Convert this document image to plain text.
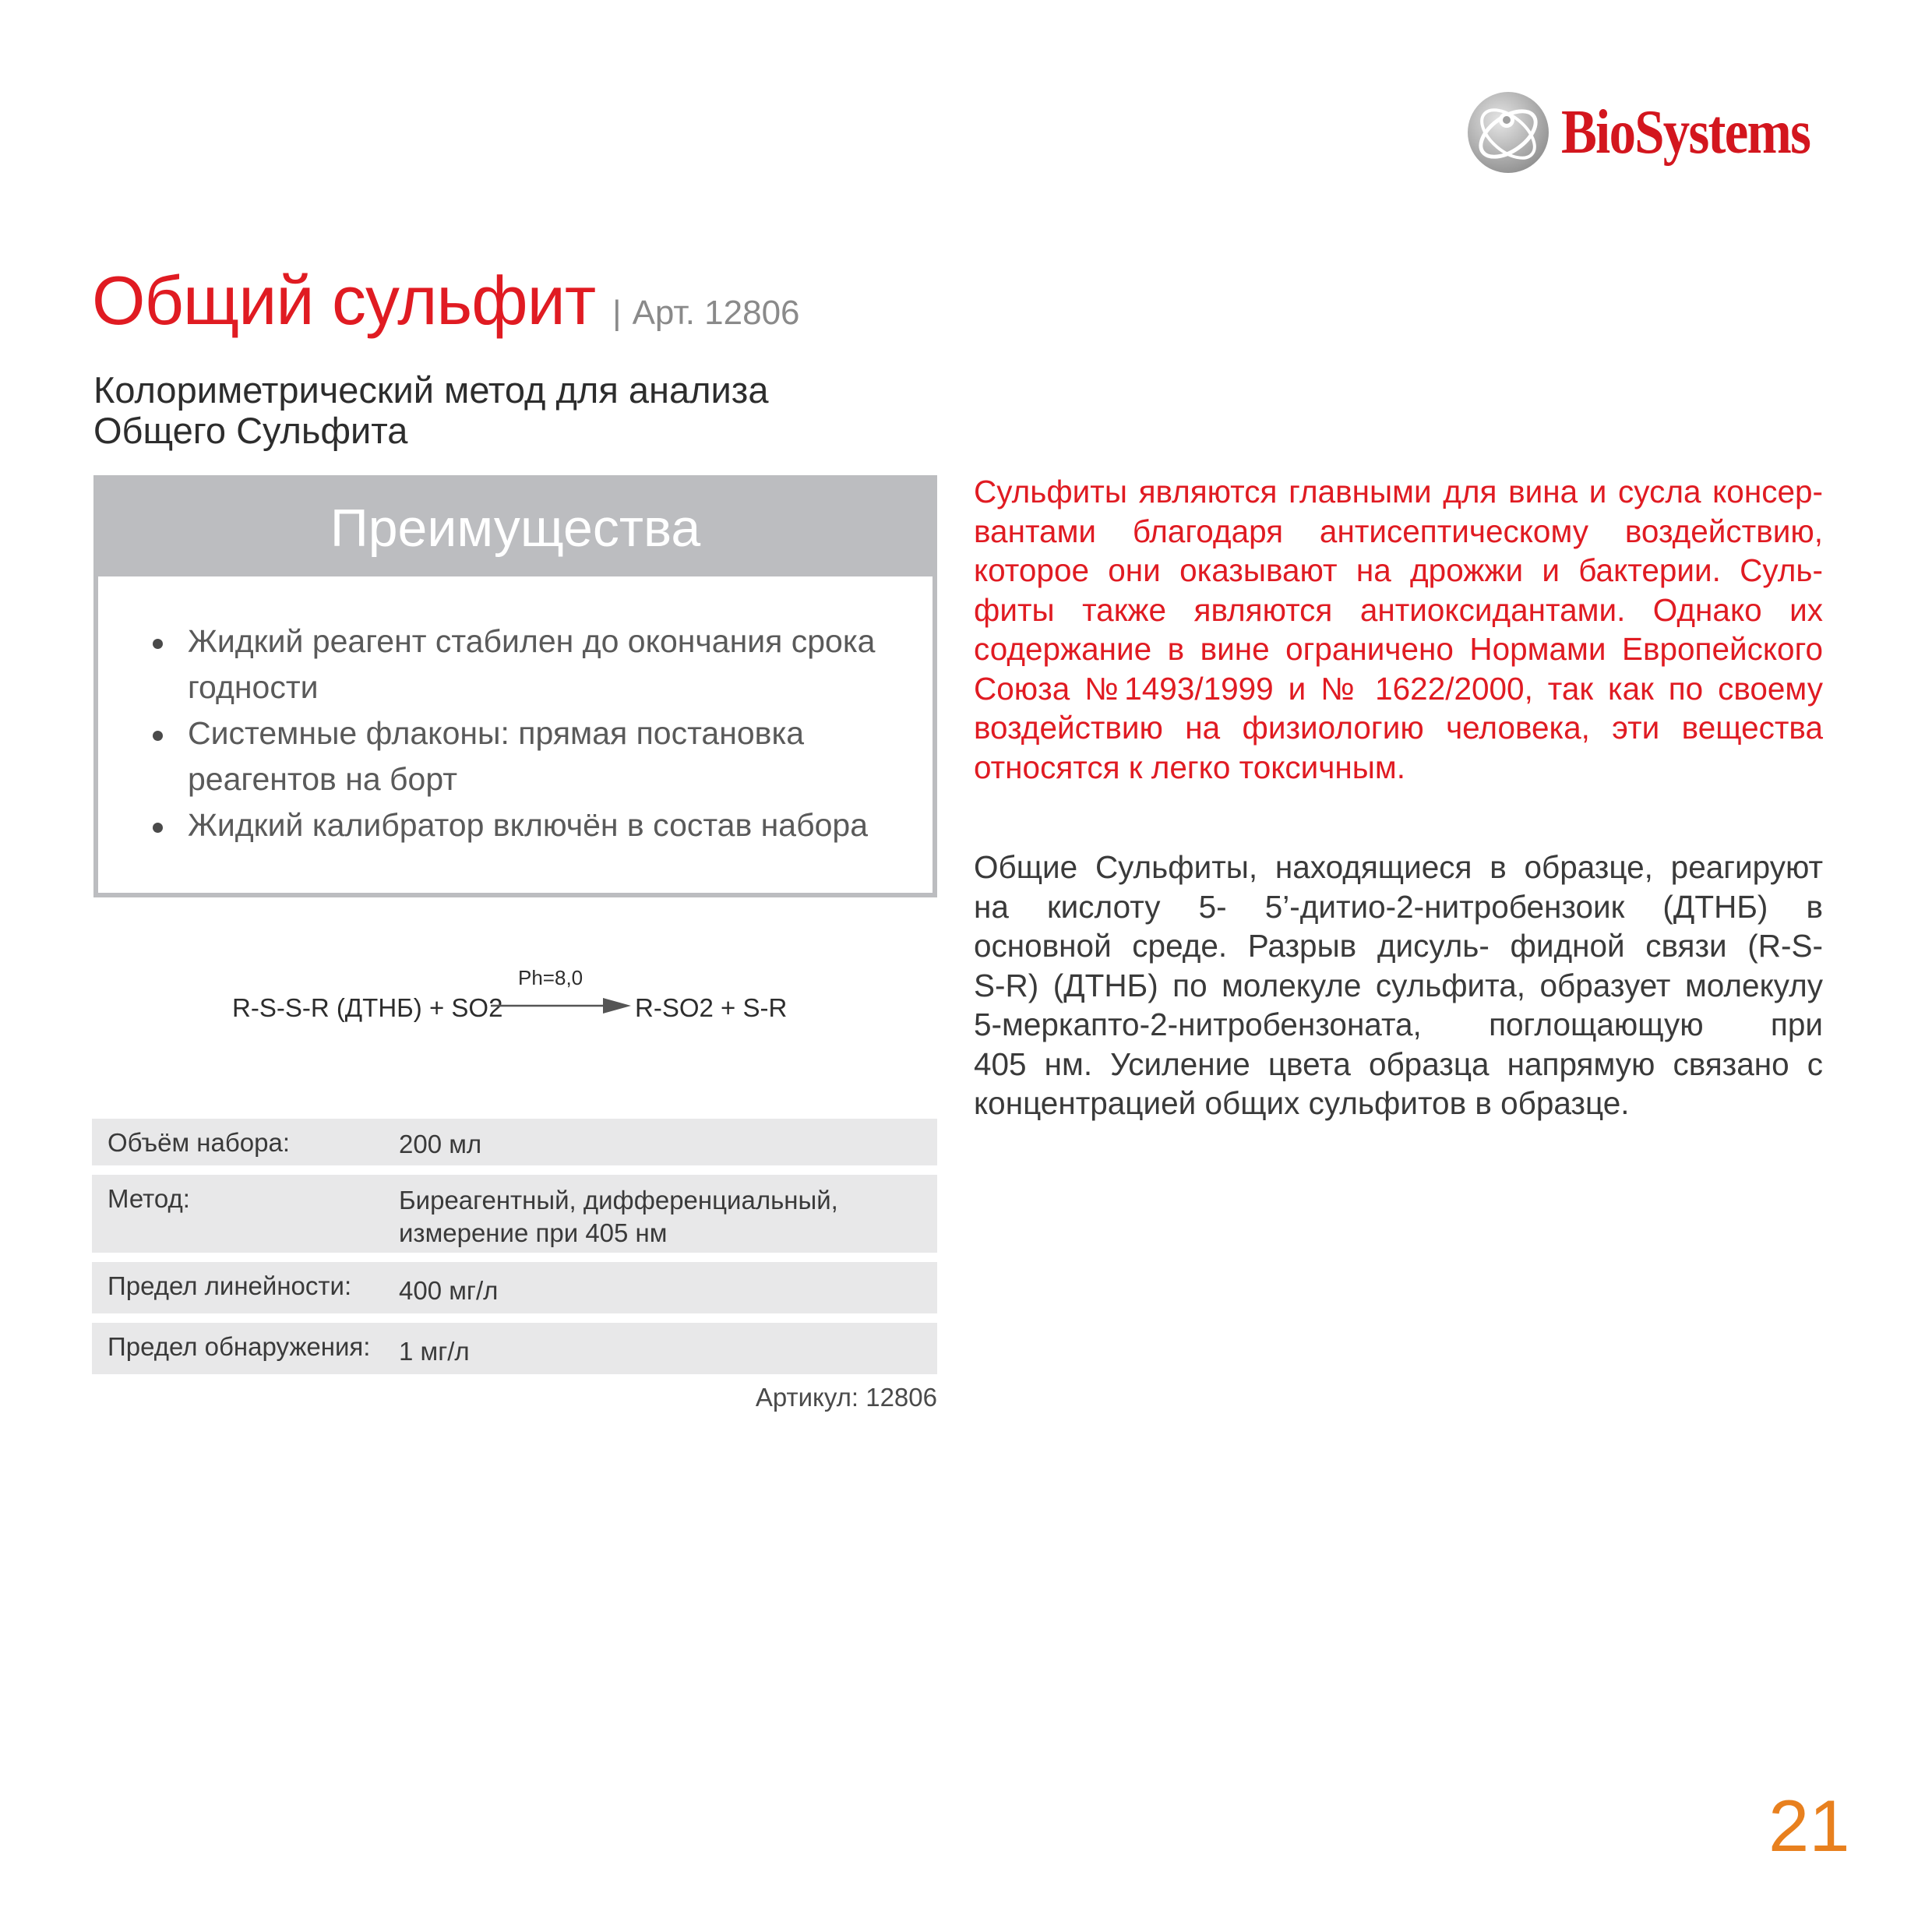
BioSystems
Общий сульфит | Арт. 12806
Колориметрический метод для анализа
Общего Сульфита
Преимущества
Жидкий реагент стабилен до окончания срока годности
Системные флаконы: прямая постановка реагентов на борт
Жидкий калибратор включён в состав набора
R-S-S-R (ДТНБ) + SO2
Ph=8,0
R-SO2 + S-R
Объём набора:	200 мл
Метод:	Биреагентный, дифференциальный,
измерение при 405 нм
Предел линейности: 400 мг/л
Предел обнаружения: 1 мг/л
Артикул: 12806
Сульфиты являются главными для вина и сусла консер-
вантами благодаря антисептическому воздействию,
которое они оказывают на дрожжи и бактерии. Суль-
фиты также являются антиоксидантами. Однако их
содержание в вине ограничено Нормами Европейского
Союза №1493/1999 и № 1622/2000, так как по своему
воздействию на физиологию человека, эти вещества
относятся к легко токсичным.
Общие Сульфиты, находящиеся в образце, реагируют
на кислоту 5- 5’-дитио-2-нитробензоик (ДТНБ) в
основной среде. Разрыв дисуль- фидной связи (R-S-
S-R) (ДТНБ) по молекуле сульфита, образует молекулу
5-меркапто-2-нитробензоната, поглощающую при
405 нм. Усиление цвета образца напрямую связано с
концентрацией общих сульфитов в образце.
21
